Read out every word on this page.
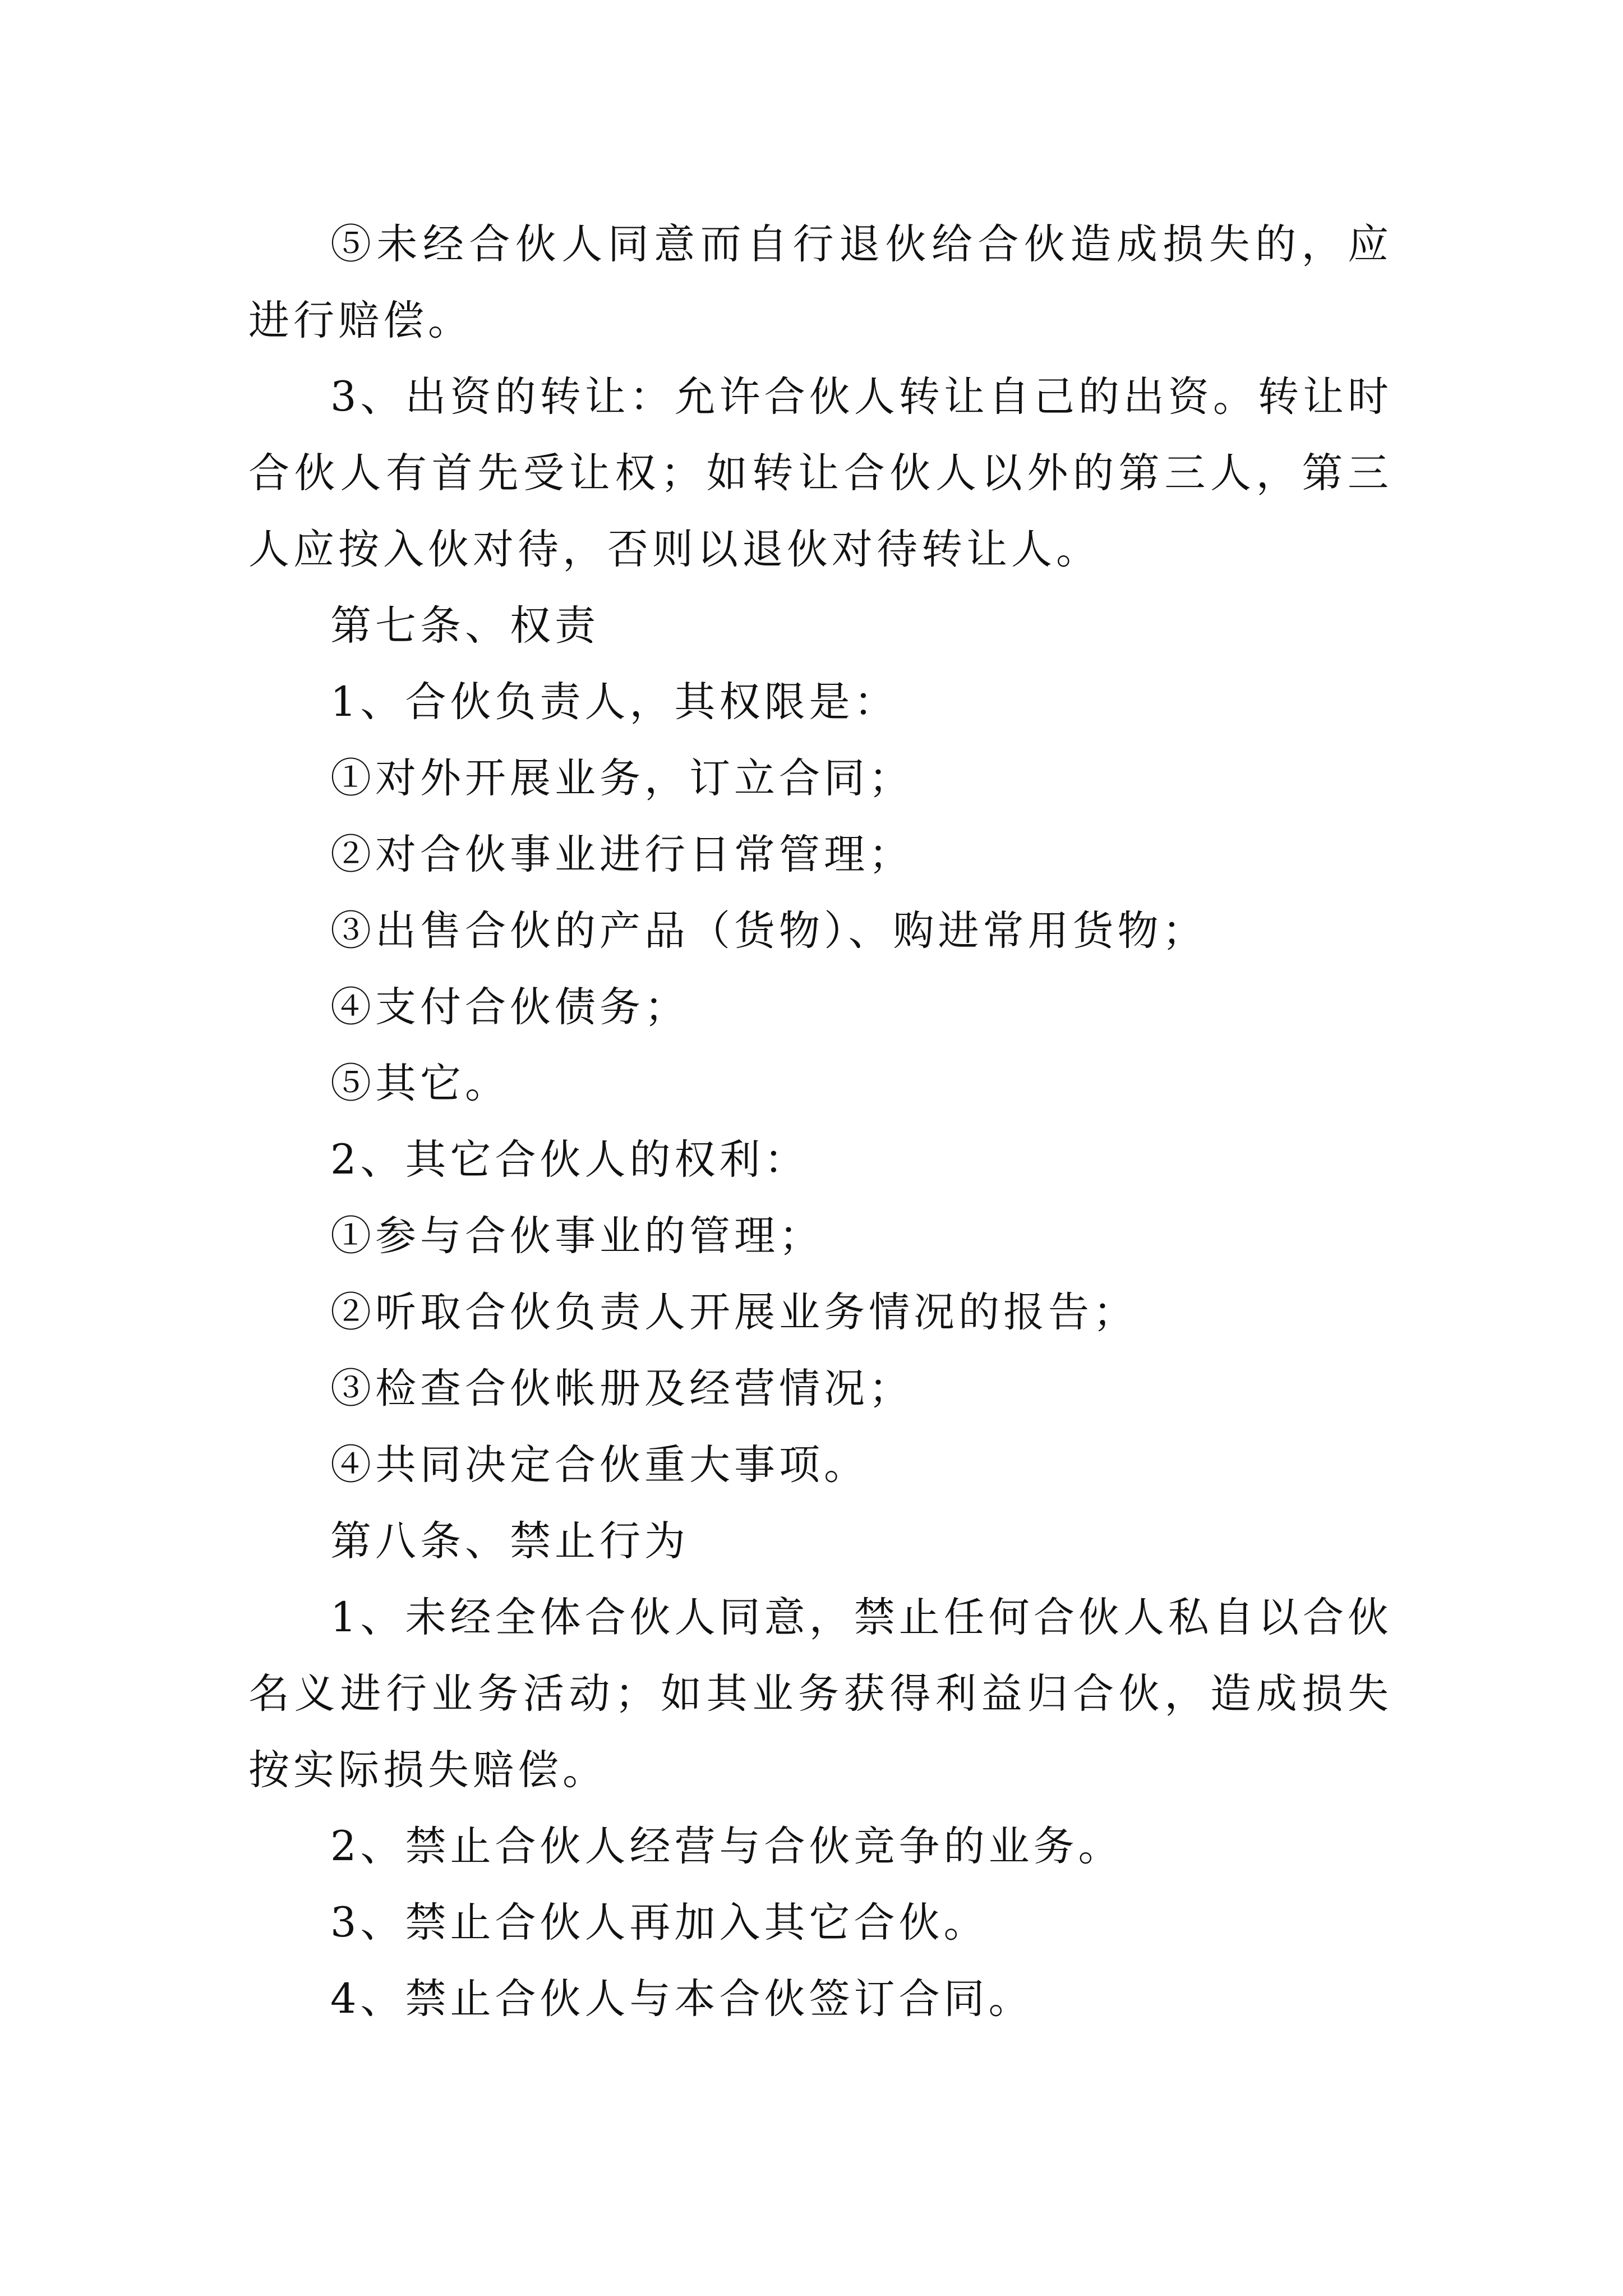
⑤未经合伙人同意而自行退伙给合伙造成损失的，应进行赔偿。

3、出资的转让：允许合伙人转让自己的出资。转让时合伙人有首先受让权；如转让合伙人以外的第三人，第三人应按入伙对待，否则以退伙对待转让人。

第七条、权责

1、合伙负责人，其权限是：

①对外开展业务，订立合同；

②对合伙事业进行日常管理；

③出售合伙的产品（货物）、购进常用货物；

④支付合伙债务；

⑤其它。

2、其它合伙人的权利：

①参与合伙事业的管理；

②听取合伙负责人开展业务情况的报告；

③检查合伙帐册及经营情况；

④共同决定合伙重大事项。

第八条、禁止行为

1、未经全体合伙人同意，禁止任何合伙人私自以合伙名义进行业务活动；如其业务获得利益归合伙，造成损失按实际损失赔偿。

2、禁止合伙人经营与合伙竞争的业务。

3、禁止合伙人再加入其它合伙。

4、禁止合伙人与本合伙签订合同。
